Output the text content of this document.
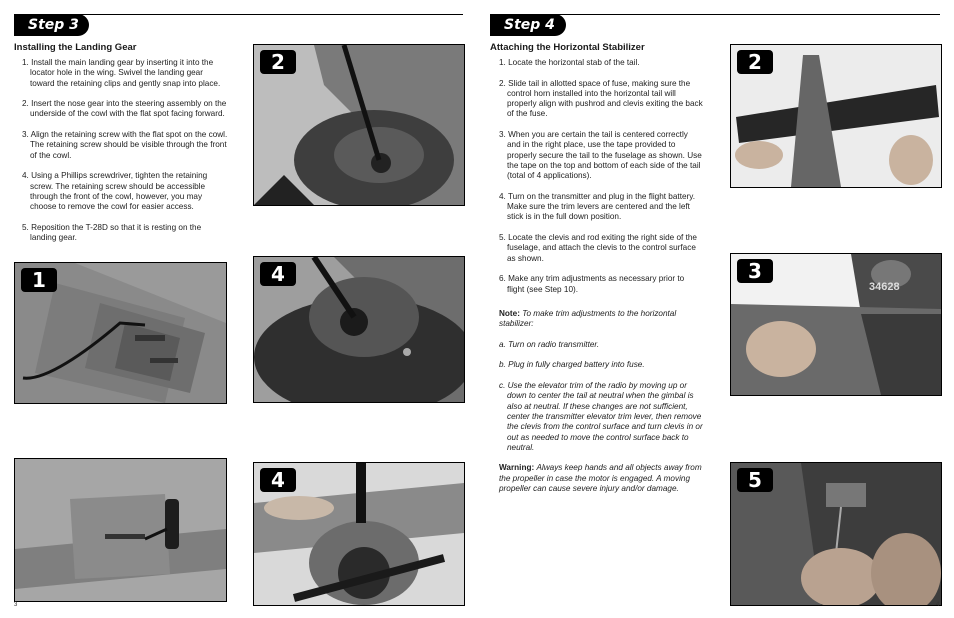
Step 3
Installing the Landing Gear

1. Install the main landing gear by inserting it into the locator hole in the wing. Swivel the landing gear toward the retaining clips and gently snap into place.

2. Insert the nose gear into the steering assembly on the underside of the cowl with the flat spot facing forward.

3. Align the retaining screw with the flat spot on the cowl. The retaining screw should be visible through the front of the cowl.

4. Using a Phillips screwdriver, tighten the retaining screw. The retaining screw should be accessible through the front of the cowl, however, you may choose to remove the cowl for easier access.

5. Reposition the T-28D so that it is resting on the landing gear.

1
2
4
4
3
Step 4
Attaching the Horizontal Stabilizer

1. Locate the horizontal stab of the tail.

2. Slide tail in allotted space of fuse, making sure the control horn installed into the horizontal tail will properly align with pushrod and clevis exiting the back of the fuse.

3. When you are certain the tail is centered correctly and in the right place, use the tape provided to properly secure the tail to the fuselage as shown. Use the tape on the top and bottom of each side of the tail (total of 4 applications).

4. Turn on the transmitter and plug in the flight battery. Make sure the trim levers are centered and the left stick is in the full down position.

5. Locate the clevis and rod exiting the right side of the fuselage, and attach the clevis to the control surface as shown.

6. Make any trim adjustments as necessary prior to flight (see Step 10).

Note: To make trim adjustments to the horizontal stabilizer:

a. Turn on radio transmitter.

b. Plug in fully charged battery into fuse.

c. Use the elevator trim of the radio by moving up or down to center the tail at neutral when the gimbal is also at neutral. If these changes are not sufficient, center the transmitter elevator trim lever, then remove the clevis from the control surface and turn clevis in or out as needed to move the control surface back to neutral.

Warning: Always keep hands and all objects away from the propeller in case the motor is engaged. A moving propeller can cause severe injury and/or damage.

2
3
34628
5
4
